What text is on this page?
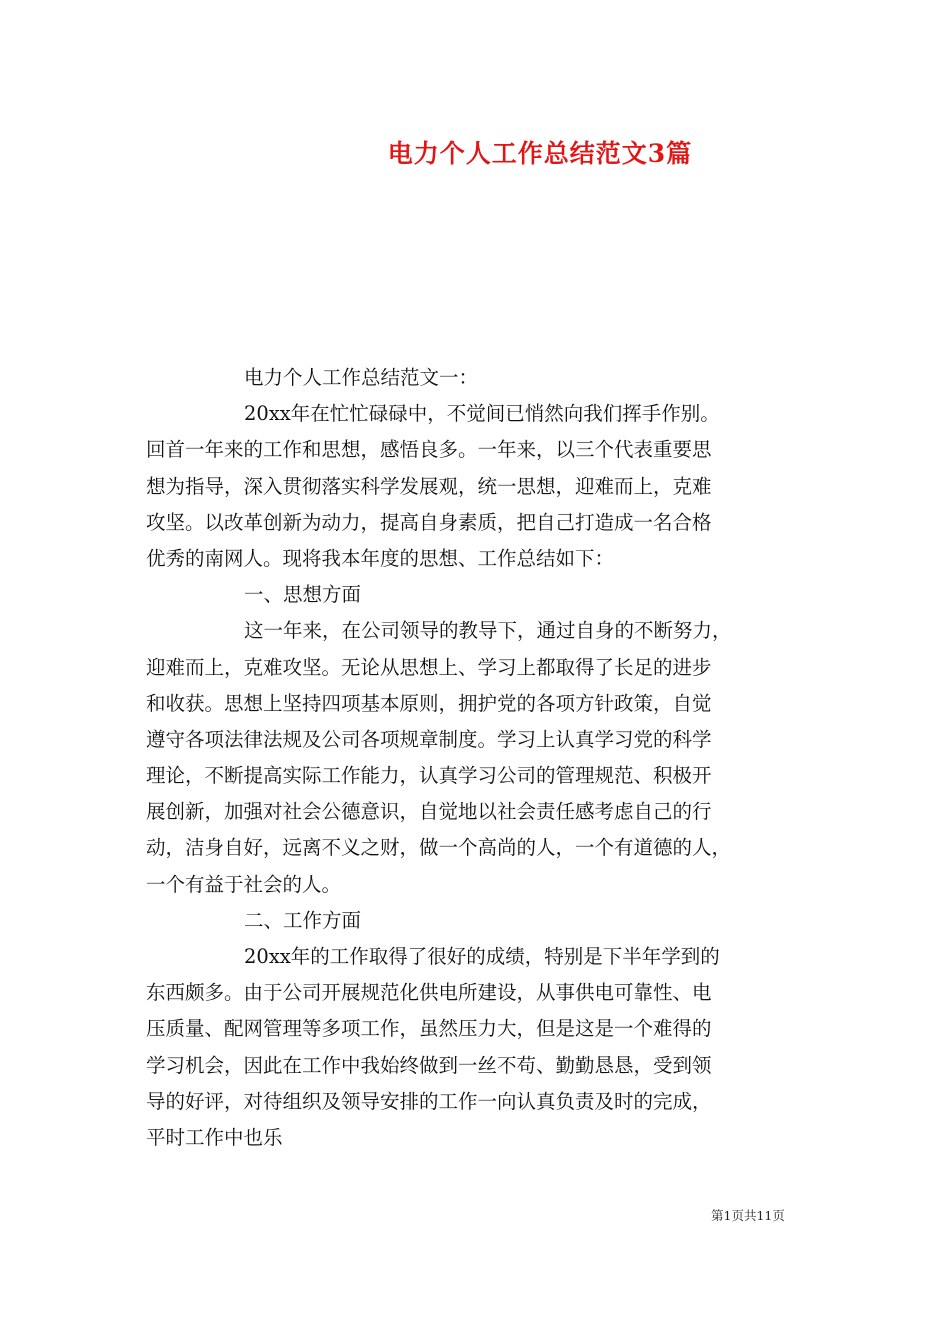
电力个人工作总结范文3篇
电力个人工作总结范文一：
20xx年在忙忙碌碌中，不觉间已悄然向我们挥手作别。
回首一年来的工作和思想，感悟良多。一年来，以三个代表重要思
想为指导，深入贯彻落实科学发展观，统一思想，迎难而上，克难
攻坚。以改革创新为动力，提高自身素质，把自己打造成一名合格
优秀的南网人。现将我本年度的思想、工作总结如下：
一、思想方面
这一年来，在公司领导的教导下，通过自身的不断努力，
迎难而上，克难攻坚。无论从思想上、学习上都取得了长足的进步
和收获。思想上坚持四项基本原则，拥护党的各项方针政策，自觉
遵守各项法律法规及公司各项规章制度。学习上认真学习党的科学
理论，不断提高实际工作能力，认真学习公司的管理规范、积极开
展创新，加强对社会公德意识，自觉地以社会责任感考虑自己的行
动，洁身自好，远离不义之财，做一个高尚的人，一个有道德的人，
一个有益于社会的人。
二、工作方面
20xx年的工作取得了很好的成绩，特别是下半年学到的
东西颇多。由于公司开展规范化供电所建设，从事供电可靠性、电
压质量、配网管理等多项工作，虽然压力大，但是这是一个难得的
学习机会，因此在工作中我始终做到一丝不苟、勤勤恳恳，受到领
导的好评，对待组织及领导安排的工作一向认真负责及时的完成，
平时工作中也乐
第1页共11页
